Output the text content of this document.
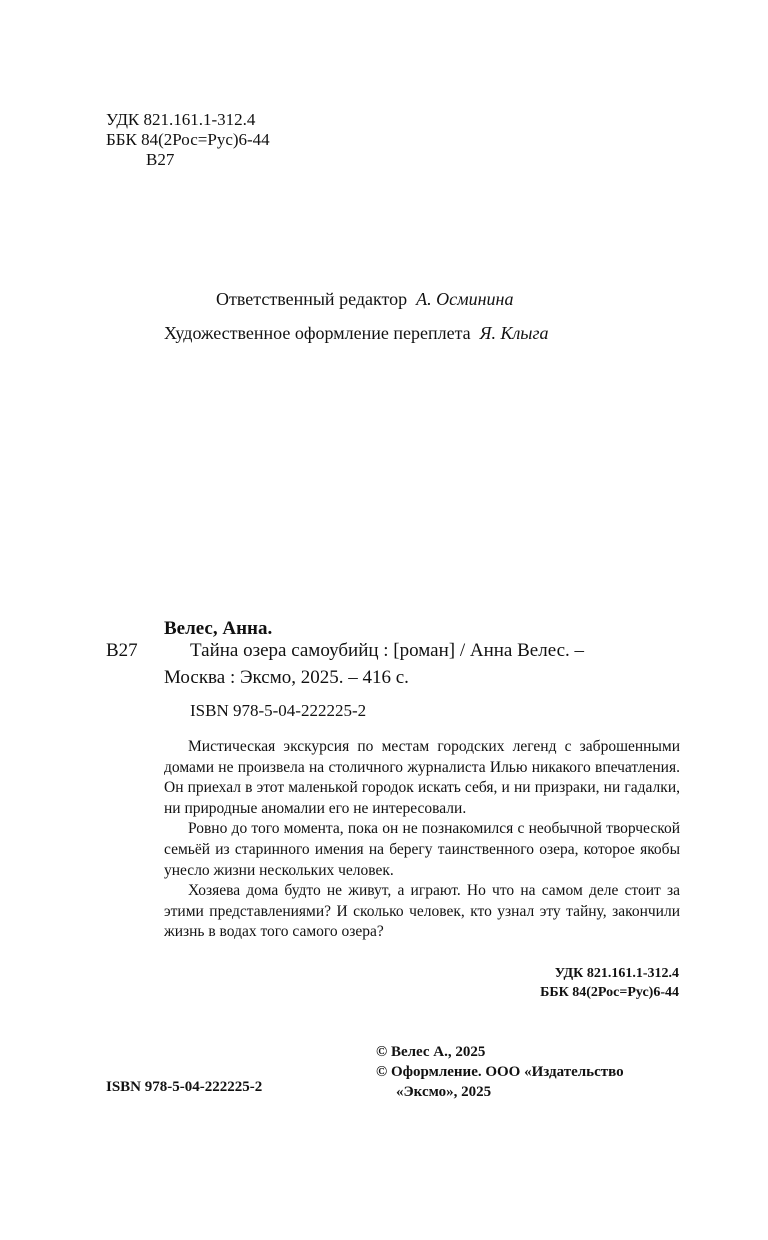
УДК 821.161.1-312.4
ББК 84(2Рос=Рус)6-44
В27
Ответственный редактор А. Осминина
Художественное оформление переплета Я. Клыга
Велес, Анна.
В27	Тайна озера самоубийц : [роман] / Анна Велес. –
Москва : Эксмо, 2025. – 416 с.
ISBN 978-5-04-222225-2

Мистическая экскурсия по местам городских легенд с заброшенными домами не произвела на столичного журналиста Илью никакого впечатления. Он приехал в этот маленькой городок искать себя, и ни призраки, ни гадалки, ни природные аномалии его не интересовали.

Ровно до того момента, пока он не познакомился с необычной творческой семьёй из старинного имения на берегу таинственного озера, которое якобы унесло жизни нескольких человек.

Хозяева дома будто не живут, а играют. Но что на самом деле стоит за этими представлениями? И сколько человек, кто узнал эту тайну, закончили жизнь в водах того самого озера?

УДК 821.161.1-312.4
ББК 84(2Рос=Рус)6-44
© Велес А., 2025
© Оформление. ООО «Издательство
«Эксмо», 2025
ISBN 978-5-04-222225-2
